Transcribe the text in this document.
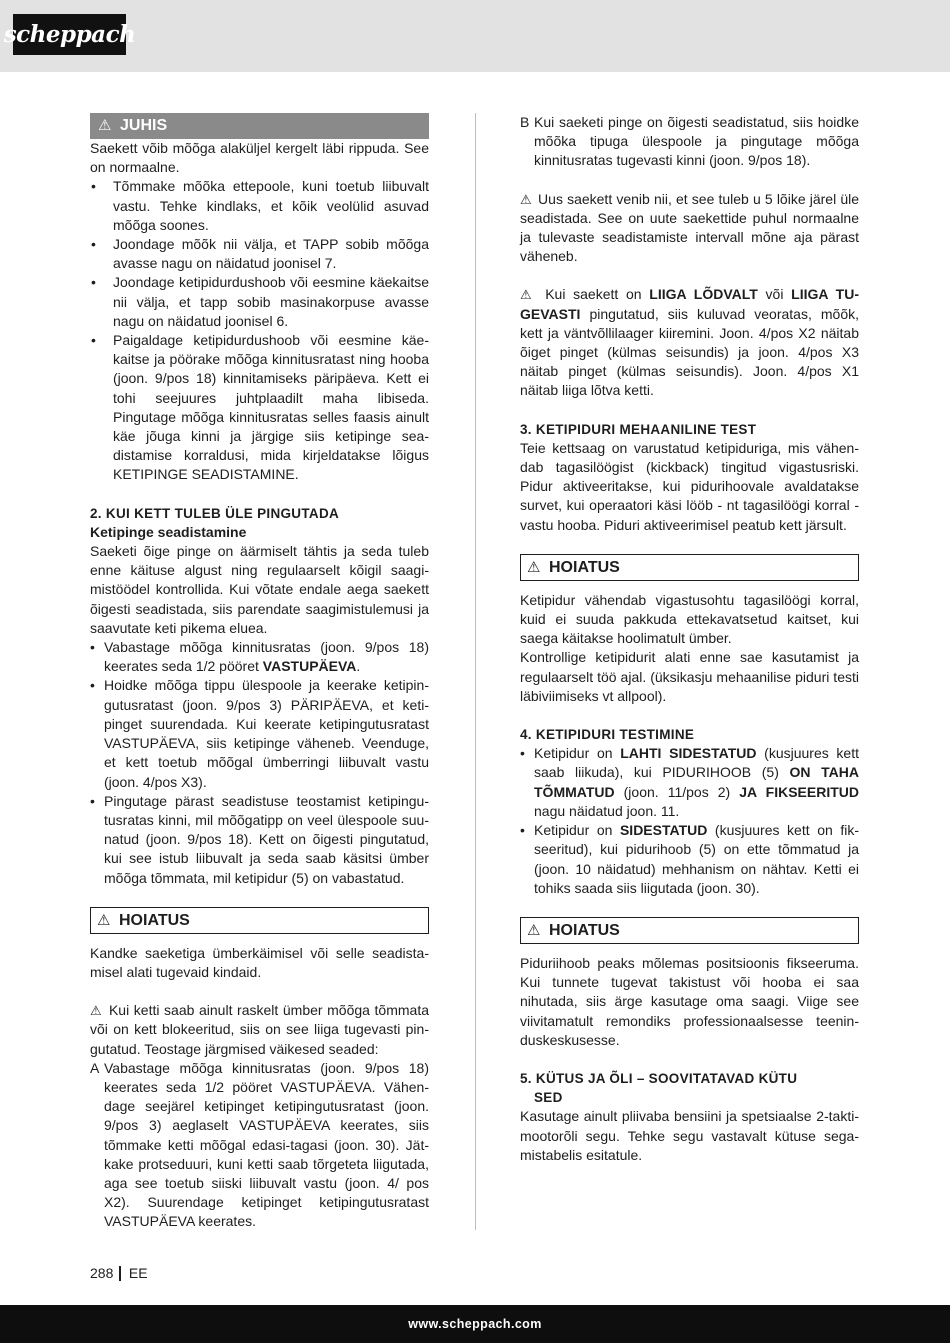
scheppach
⚠ JUHIS
Saekett võib mõõga alaküljel kergelt läbi rippuda. See on normaalne.
• Tõmmake mõõka ettepoole, kuni toetub liibuvalt vastu. Tehke kindlaks, et kõik veolülid asuvad mõõga soones.
• Joondage mõõk nii välja, et TAPP sobib mõõga avasse nagu on näidatud joonisel 7.
• Joondage ketipidurdushoob või eesmine käekaitse nii välja, et tapp sobib masinakorpuse avasse nagu on näidatud joonisel 6.
• Paigaldage ketipidurdushoob või eesmine käekaitse ja pöörake mõõga kinnitusratast ning hooba (joon. 9/pos 18) kinnitamiseks päripäeva. Kett ei tohi seejuures juhtplaadilt maha libiseda. Pingutage mõõga kinnitusratas selles faasis ainult käe jõuga kinni ja järgige siis ketipinge seadistamise korraldusi, mida kirjeldatakse lõigus KETIPINGE SEADISTAMINE.
2. KUI KETT TULEB ÜLE PINGUTADA
Ketipinge seadistamine
Saeketi õige pinge on äärmiselt tähtis ja seda tuleb enne käituse algust ning regulaarselt kõigil saagimistöödel kontrollida. Kui võtate endale aega saekett õigesti seadistada, siis parendate saagimistulemusi ja saavutate keti pikema eluea.
• Vabastage mõõga kinnitusratas (joon. 9/pos 18) keerates seda 1/2 pööret VASTUPÄEVA.
• Hoidke mõõga tippu ülespoole ja keerake ketipingutusratast (joon. 9/pos 3) PÄRIPÄEVA, et ketipinget suurendada. Kui keerate ketipingutusratast VASTUPÄEVA, siis ketipinge väheneb. Veenduge, et kett toetub mõõgal ümberringi liibuvalt vastu (joon. 4/pos X3).
• Pingutage pärast seadistuse teostamist ketipingutusratas kinni, mil mõõgatipp on veel ülespoole suunatud (joon. 9/pos 18). Kett on õigesti pingutatud, kui see istub liibuvalt ja seda saab käsitsi ümber mõõga tõmmata, mil ketipidur (5) on vabastatud.
⚠ HOIATUS
Kandke saeketiga ümberkäimisel või selle seadistamisel alati tugevaid kindaid.
⚠ Kui ketti saab ainult raskelt ümber mõõga tõmmata või on kett blokeeritud, siis on see liiga tugevasti pingutatud. Teostage järgmised väikesed seaded:
A Vabastage mõõga kinnitusratas (joon. 9/pos 18) keerates seda 1/2 pööret VASTUPÄEVA. Vähendage seejärel ketipinget ketipingutusratast (joon. 9/pos 3) aeglaselt VASTUPÄEVA keerates, siis tõmmake ketti mõõgal edasi-tagasi (joon. 30). Jätkake protseduuri, kuni ketti saab tõrgeteta liigutada, aga see toetub siiski liibuvalt vastu (joon. 4/ pos X2). Suurendage ketipinget ketipingutusratast VASTUPÄEVA keerates.
B Kui saeketi pinge on õigesti seadistatud, siis hoidke mõõka tipuga ülespoole ja pingutage mõõga kinnitusratas tugevasti kinni (joon. 9/pos 18).
⚠ Uus saekett venib nii, et see tuleb u 5 lõike järel üle seadistada. See on uute saekettide puhul normaalne ja tulevaste seadistamiste intervall mõne aja pärast väheneb.
⚠ Kui saekett on LIIGA LÕDVALT või LIIGA TUGEVASTI pingutatud, siis kuluvad veoratas, mõõk, kett ja väntvõllilaager kiiremini. Joon. 4/pos X2 näitab õiget pinget (külmas seisundis) ja joon. 4/pos X3 näitab pinget (külmas seisundis). Joon. 4/pos X1 näitab liiga lõtva ketti.
3. KETIPIDURI MEHAANILINE TEST
Teie kettsaag on varustatud ketipiduriga, mis vähendab tagasilöögist (kickback) tingitud vigastusriski. Pidur aktiveeritakse, kui pidurihoovale avaldatakse survet, kui operaatori käsi lööb - nt tagasilöögi korral - vastu hooba. Piduri aktiveerimisel peatub kett järsult.
⚠ HOIATUS
Ketipidur vähendab vigastusohtu tagasilöögi korral, kuid ei suuda pakkuda ettekavatsetud kaitset, kui saega käitakse hoolimatult ümber.
Kontrollige ketipidurit alati enne sae kasutamist ja regulaarselt töö ajal. (üksikasju mehaanilise piduri testi läbiviimiseks vt allpool).
4. KETIPIDURI TESTIMINE
• Ketipidur on LAHTI SIDESTATUD (kusjuures kett saab liikuda), kui PIDURIHOOB (5) ON TAHA TÕMMATUD (joon. 11/pos 2) JA FIKSEERITUD nagu näidatud joon. 11.
• Ketipidur on SIDESTATUD (kusjuures kett on fikseeritud), kui pidurihoob (5) on ette tõmmatud ja (joon. 10 näidatud) mehhanism on nähtav. Ketti ei tohiks saada siis liigutada (joon. 30).
⚠ HOIATUS
Piduriihoob peaks mõlemas positsioonis fikseeruma. Kui tunnete tugevat takistust või hooba ei saa nihutada, siis ärge kasutage oma saagi. Viige see viivitamatult remondiks professionaalsesse teeninduskeskusesse.
5. KÜTUS JA ÕLI – SOOVITATAVAD KÜTU
SED
Kasutage ainult pliivaba bensiini ja spetsiaalse 2-takti-mootorõli segu. Tehke segu vastavalt kütuse segamistabelis esitatule.
288 EE
www.scheppach.com
